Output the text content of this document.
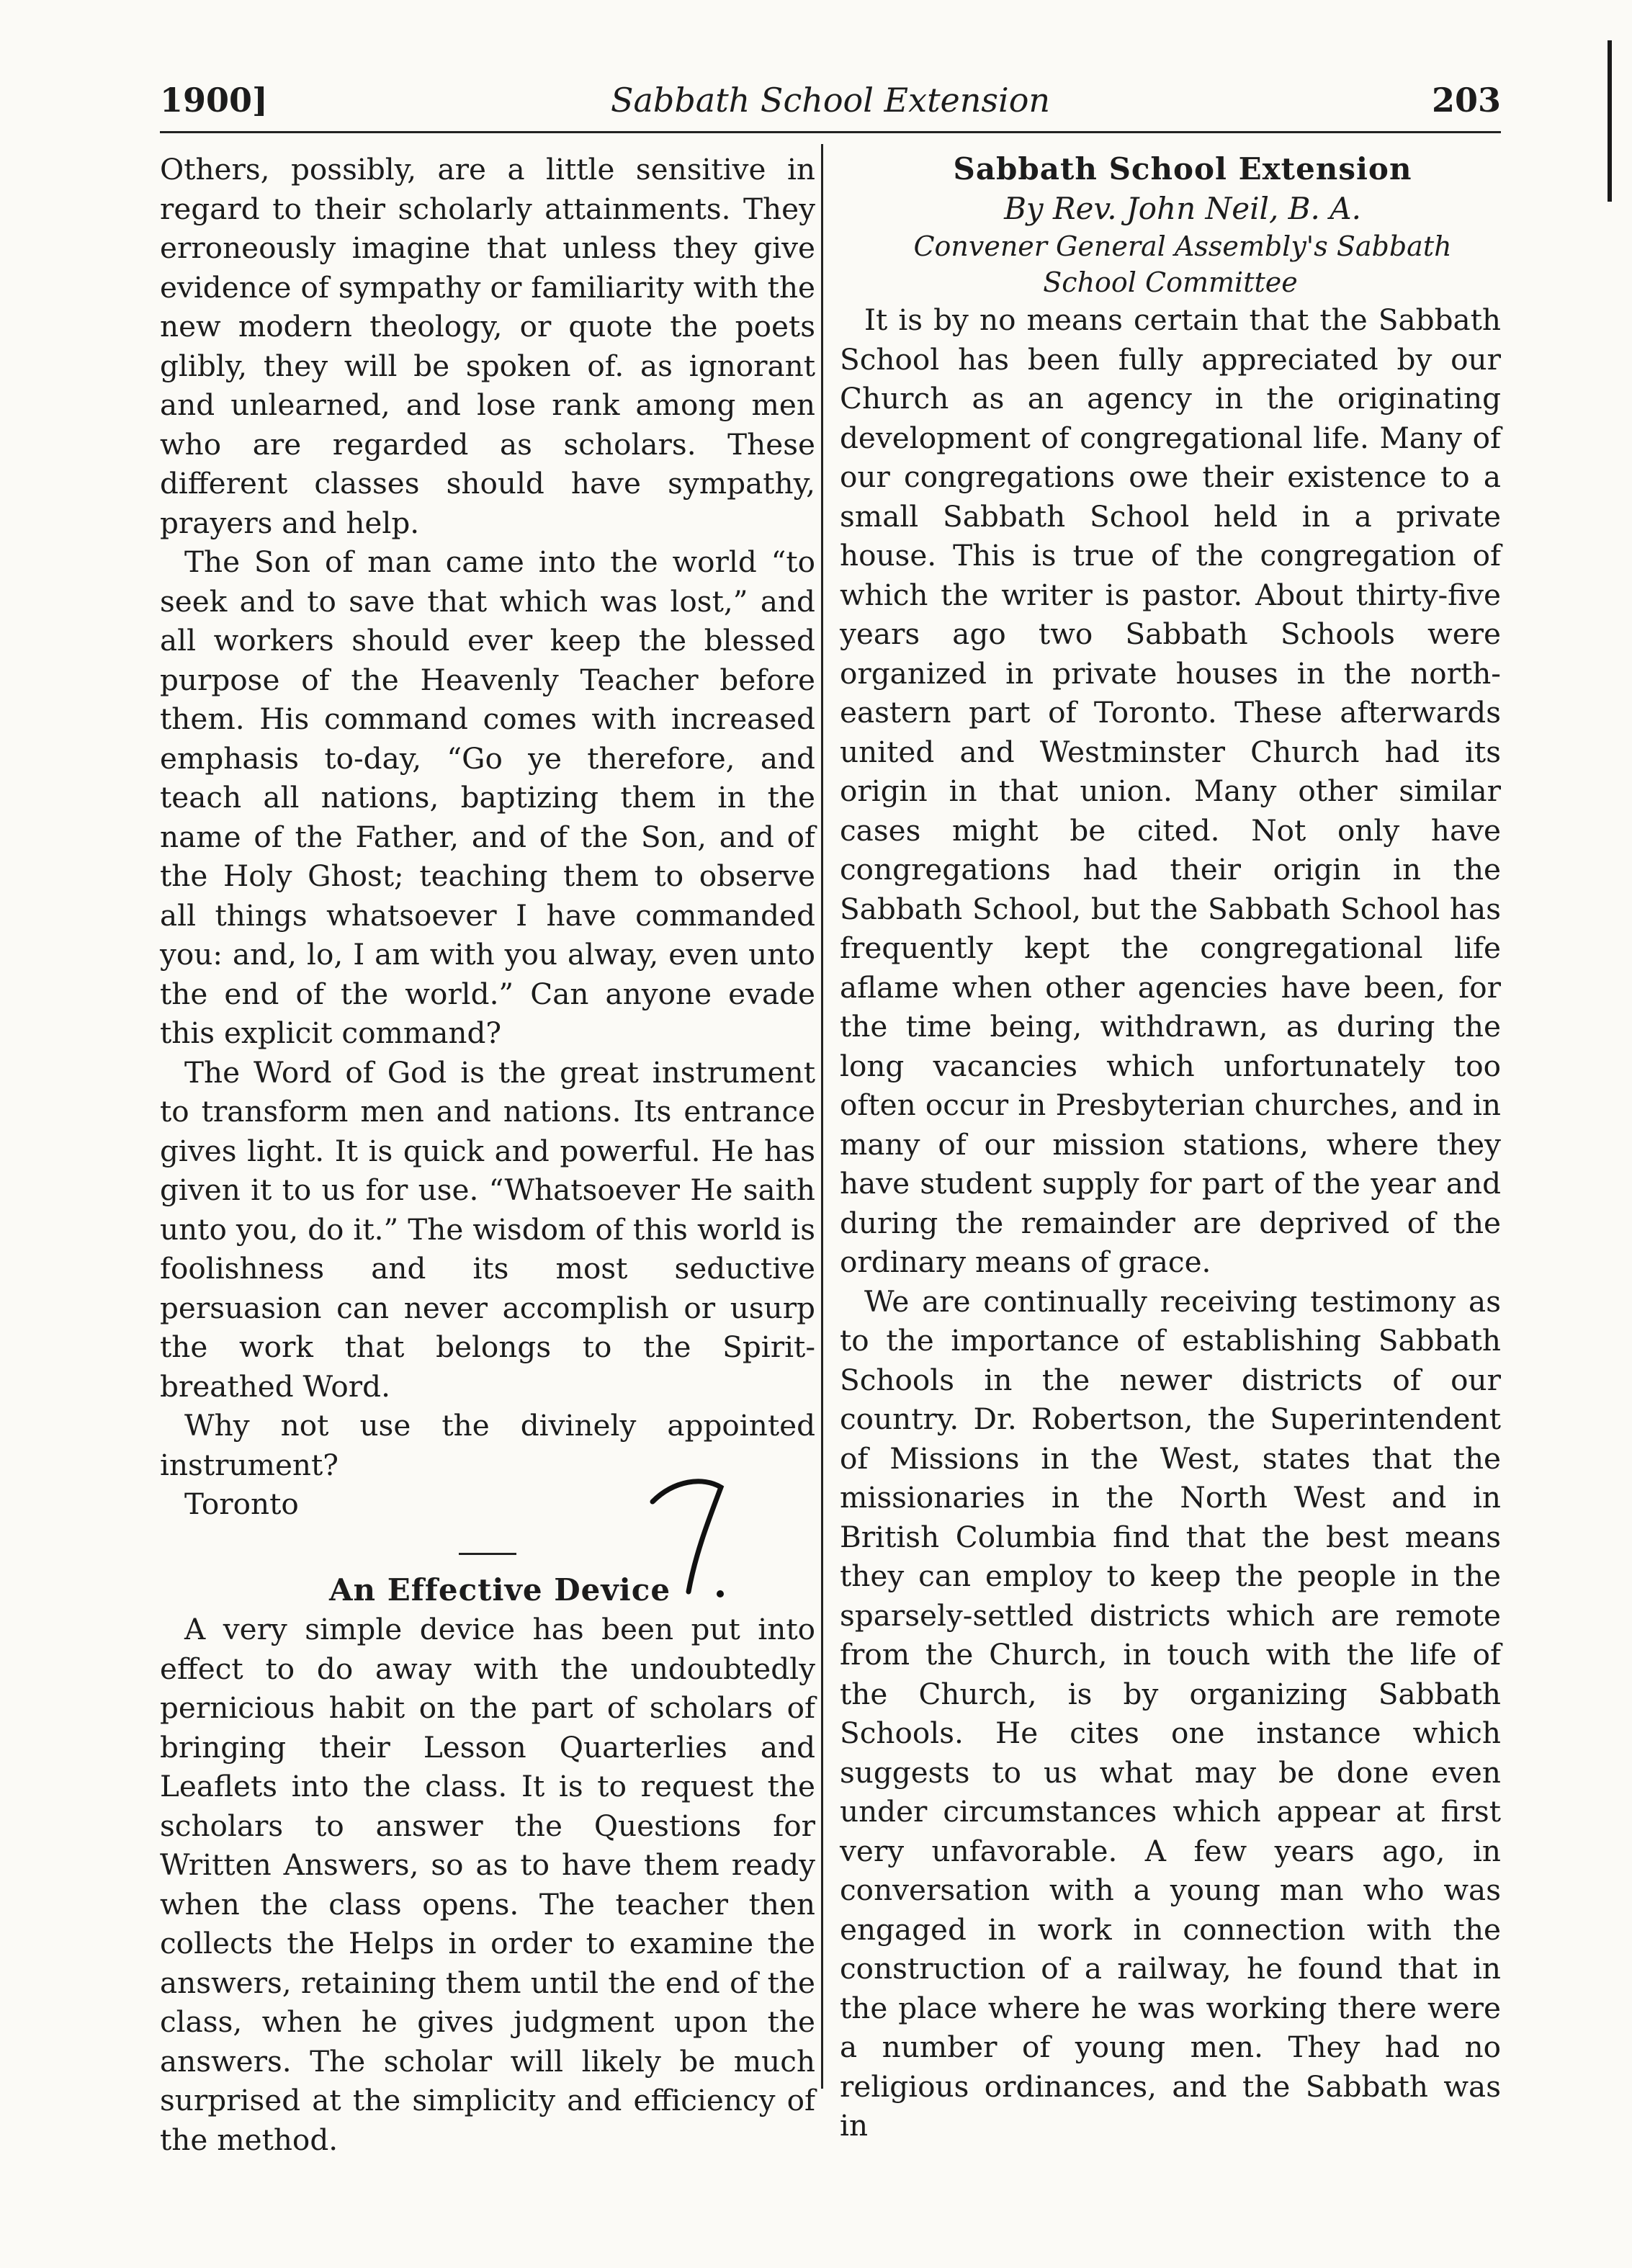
1900]	Sabbath School Extension	203

Others, possibly, are a little sensitive in regard to their scholarly attainments. They erroneously imagine that unless they give evidence of sympathy or familiarity with the new modern theology, or quote the poets glibly, they will be spoken of. as ignorant and unlearned, and lose rank among men who are regarded as scholars. These different classes should have sympathy, prayers and help.

The Son of man came into the world “to seek and to save that which was lost,” and all workers should ever keep the blessed purpose of the Heavenly Teacher before them. His command comes with increased emphasis to-day, “Go ye therefore, and teach all nations, baptizing them in the name of the Father, and of the Son, and of the Holy Ghost; teaching them to observe all things whatsoever I have commanded you: and, lo, I am with you alway, even unto the end of the world.” Can anyone evade this explicit command?

The Word of God is the great instrument to transform men and nations. Its entrance gives light. It is quick and powerful. He has given it to us for use. “Whatsoever He saith unto you, do it.” The wisdom of this world is foolishness and its most seductive persuasion can never accomplish or usurp the work that belongs to the Spirit-breathed Word.

Why not use the divinely appointed instrument?

Toronto

An Effective Device

A very simple device has been put into effect to do away with the undoubtedly pernicious habit on the part of scholars of bringing their Lesson Quarterlies and Leaflets into the class. It is to request the scholars to answer the Questions for Written Answers, so as to have them ready when the class opens. The teacher then collects the Helps in order to examine the answers, retaining them until the end of the class, when he gives judgment upon the answers. The scholar will likely be much surprised at the simplicity and efficiency of the method.

Sabbath School Extension

By Rev. John Neil, B. A.

Convener General Assembly's Sabbath School Committee

It is by no means certain that the Sabbath School has been fully appreciated by our Church as an agency in the originating development of congregational life. Many of our congregations owe their existence to a small Sabbath School held in a private house. This is true of the congregation of which the writer is pastor. About thirty-five years ago two Sabbath Schools were organized in private houses in the north-eastern part of Toronto. These afterwards united and Westminster Church had its origin in that union. Many other similar cases might be cited. Not only have congregations had their origin in the Sabbath School, but the Sabbath School has frequently kept the congregational life aflame when other agencies have been, for the time being, withdrawn, as during the long vacancies which unfortunately too often occur in Presbyterian churches, and in many of our mission stations, where they have student supply for part of the year and during the remainder are deprived of the ordinary means of grace.

We are continually receiving testimony as to the importance of establishing Sabbath Schools in the newer districts of our country. Dr. Robertson, the Superintendent of Missions in the West, states that the missionaries in the North West and in British Columbia find that the best means they can employ to keep the people in the sparsely-settled districts which are remote from the Church, in touch with the life of the Church, is by organizing Sabbath Schools. He cites one instance which suggests to us what may be done even under circumstances which appear at first very unfavorable. A few years ago, in conversation with a young man who was engaged in work in connection with the construction of a railway, he found that in the place where he was working there were a number of young men. They had no religious ordinances, and the Sabbath was in
